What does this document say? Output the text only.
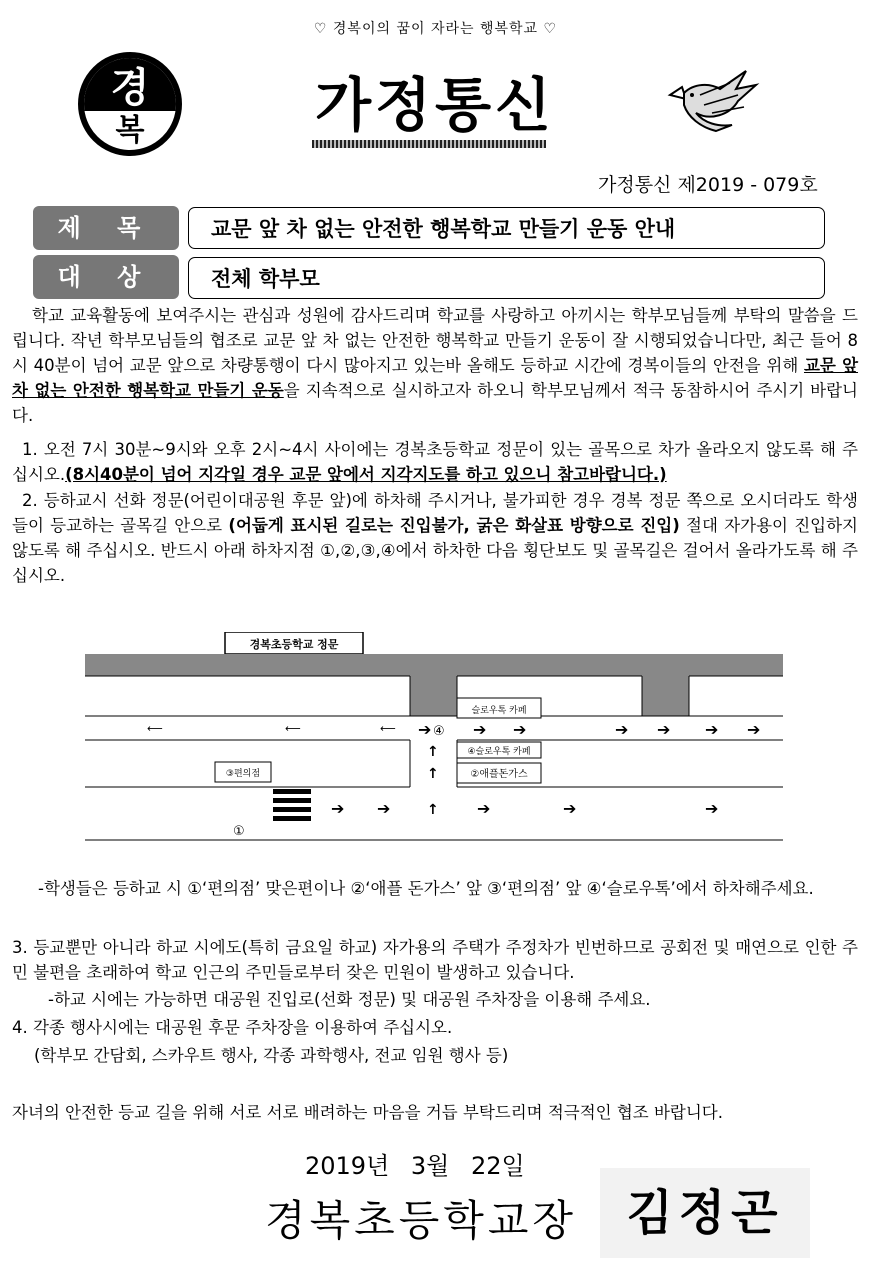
♡ 경복이의 꿈이 자라는 행복학교 ♡
경
복	가정통신
가정통신 제2019 - 079호
제 목	교문 앞 차 없는 안전한 행복학교 만들기 운동 안내
대 상	전체 학부모
학교 교육활동에 보여주시는 관심과 성원에 감사드리며 학교를 사랑하고 아끼시는 학부모님들께 부탁의 말씀을 드립니다. 작년 학부모님들의 협조로 교문 앞 차 없는 안전한 행복학교 만들기 운동이 잘 시행되었습니다만, 최근 들어 8시 40분이 넘어 교문 앞으로 차량통행이 다시 많아지고 있는바 올해도 등하교 시간에 경복이들의 안전을 위해 교문 앞 차 없는 안전한 행복학교 만들기 운동을 지속적으로 실시하고자 하오니 학부모님께서 적극 동참하시어 주시기 바랍니다.
1. 오전 7시 30분~9시와 오후 2시~4시 사이에는 경복초등학교 정문이 있는 골목으로 차가 올라오지 않도록 해 주십시오.(8시40분이 넘어 지각일 경우 교문 앞에서 지각지도를 하고 있으니 참고바랍니다.)
2. 등하교시 선화 정문(어린이대공원 후문 앞)에 하차해 주시거나, 불가피한 경우 경복 정문 쪽으로 오시더라도 학생들이 등교하는 골목길 안으로 (어둡게 표시된 길로는 진입불가, 굵은 화살표 방향으로 진입) 절대 자가용이 진입하지 않도록 해 주십시오. 반드시 아래 하차지점 ①,②,③,④에서 하차한 다음 횡단보도 및 골목길은 걸어서 올라가도록 해 주십시오.
경복초등학교 정문
슬로우톡 카페
④슬로우톡 카페
②애플돈가스
③편의점
①
⟵	⟵	⟵ ➔ ④ ➔ ➔	➔ ➔ ➔ ➔
➔ ➔	➔	➔	➔
↑
↑
↑
-학생들은 등하교 시 ①‘편의점’ 맞은편이나 ②‘애플 돈가스’ 앞 ③‘편의점’ 앞 ④‘슬로우톡’에서 하차해주세요.
3. 등교뿐만 아니라 하교 시에도(특히 금요일 하교) 자가용의 주택가 주정차가 빈번하므로 공회전 및 매연으로 인한 주민 불편을 초래하여 학교 인근의 주민들로부터 잦은 민원이 발생하고 있습니다.
-하교 시에는 가능하면 대공원 진입로(선화 정문) 및 대공원 주차장을 이용해 주세요.
4. 각종 행사시에는 대공원 후문 주차장을 이용하여 주십시오.
(학부모 간담회, 스카우트 행사, 각종 과학행사, 전교 임원 행사 등)
자녀의 안전한 등교 길을 위해 서로 서로 배려하는 마음을 거듭 부탁드리며 적극적인 협조 바랍니다.
2019년 3월 22일
경복초등학교장	김정곤
